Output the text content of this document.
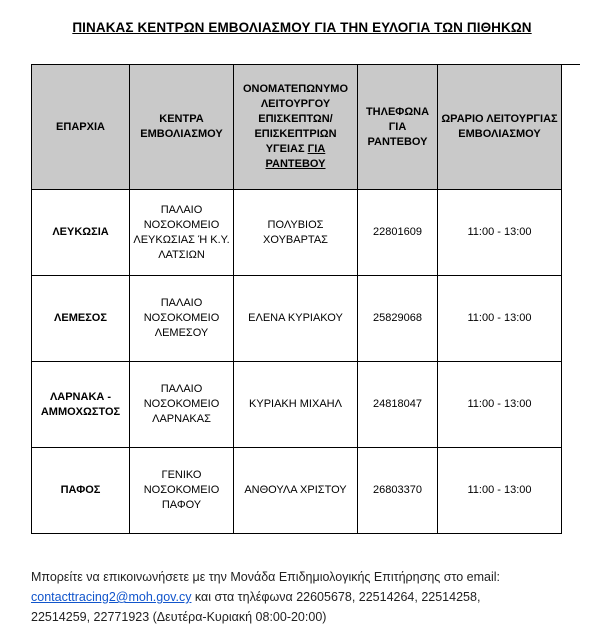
ΠΙΝΑΚΑΣ ΚΕΝΤΡΩΝ ΕΜΒΟΛΙΑΣΜΟΥ ΓΙΑ ΤΗΝ ΕΥΛΟΓΙΑ ΤΩΝ ΠΙΘΗΚΩΝ
ΕΠΑΡΧΙΑ	ΚΕΝΤΡΑ ΕΜΒΟΛΙΑΣΜΟΥ	ΟΝΟΜΑΤΕΠΩΝΥΜΟ ΛΕΙΤΟΥΡΓΟΥ ΕΠΙΣΚΕΠΤΩΝ/ ΕΠΙΣΚΕΠΤΡΙΩΝ ΥΓΕΙΑΣ ΓΙΑ ΡΑΝΤΕΒΟΥ	ΤΗΛΕΦΩΝΑ ΓΙΑ ΡΑΝΤΕΒΟΥ	ΩΡΑΡΙΟ ΛΕΙΤΟΥΡΓΙΑΣ ΕΜΒΟΛΙΑΣΜΟΥ
ΛΕΥΚΩΣΙΑ	ΠΑΛΑΙΟ ΝΟΣΟΚΟΜΕΙΟ ΛΕΥΚΩΣΙΑΣ Ή Κ.Υ. ΛΑΤΣΙΩΝ	ΠΟΛΥΒΙΟΣ ΧΟΥΒΑΡΤΑΣ	22801609	11:00 - 13:00
ΛΕΜΕΣΟΣ	ΠΑΛΑΙΟ ΝΟΣΟΚΟΜΕΙΟ ΛΕΜΕΣΟΥ	ΕΛΕΝΑ ΚΥΡΙΑΚΟΥ	25829068	11:00 - 13:00
ΛΑΡΝΑΚΑ - ΑΜΜΟΧΩΣΤΟΣ	ΠΑΛΑΙΟ ΝΟΣΟΚΟΜΕΙΟ ΛΑΡΝΑΚΑΣ	ΚΥΡΙΑΚΗ ΜΙΧΑΗΛ	24818047	11:00 - 13:00
ΠΑΦΟΣ	ΓΕΝΙΚΟ ΝΟΣΟΚΟΜΕΙΟ ΠΑΦΟΥ	ΑΝΘΟΥΛΑ ΧΡΙΣΤΟΥ	26803370	11:00 - 13:00
Μπορείτε να επικοινωνήσετε με την Μονάδα Επιδημιολογικής Επιτήρησης στο email:
contacttracing2@moh.gov.cy και στα τηλέφωνα 22605678, 22514264, 22514258,
22514259, 22771923 (Δευτέρα-Κυριακή 08:00-20:00)
